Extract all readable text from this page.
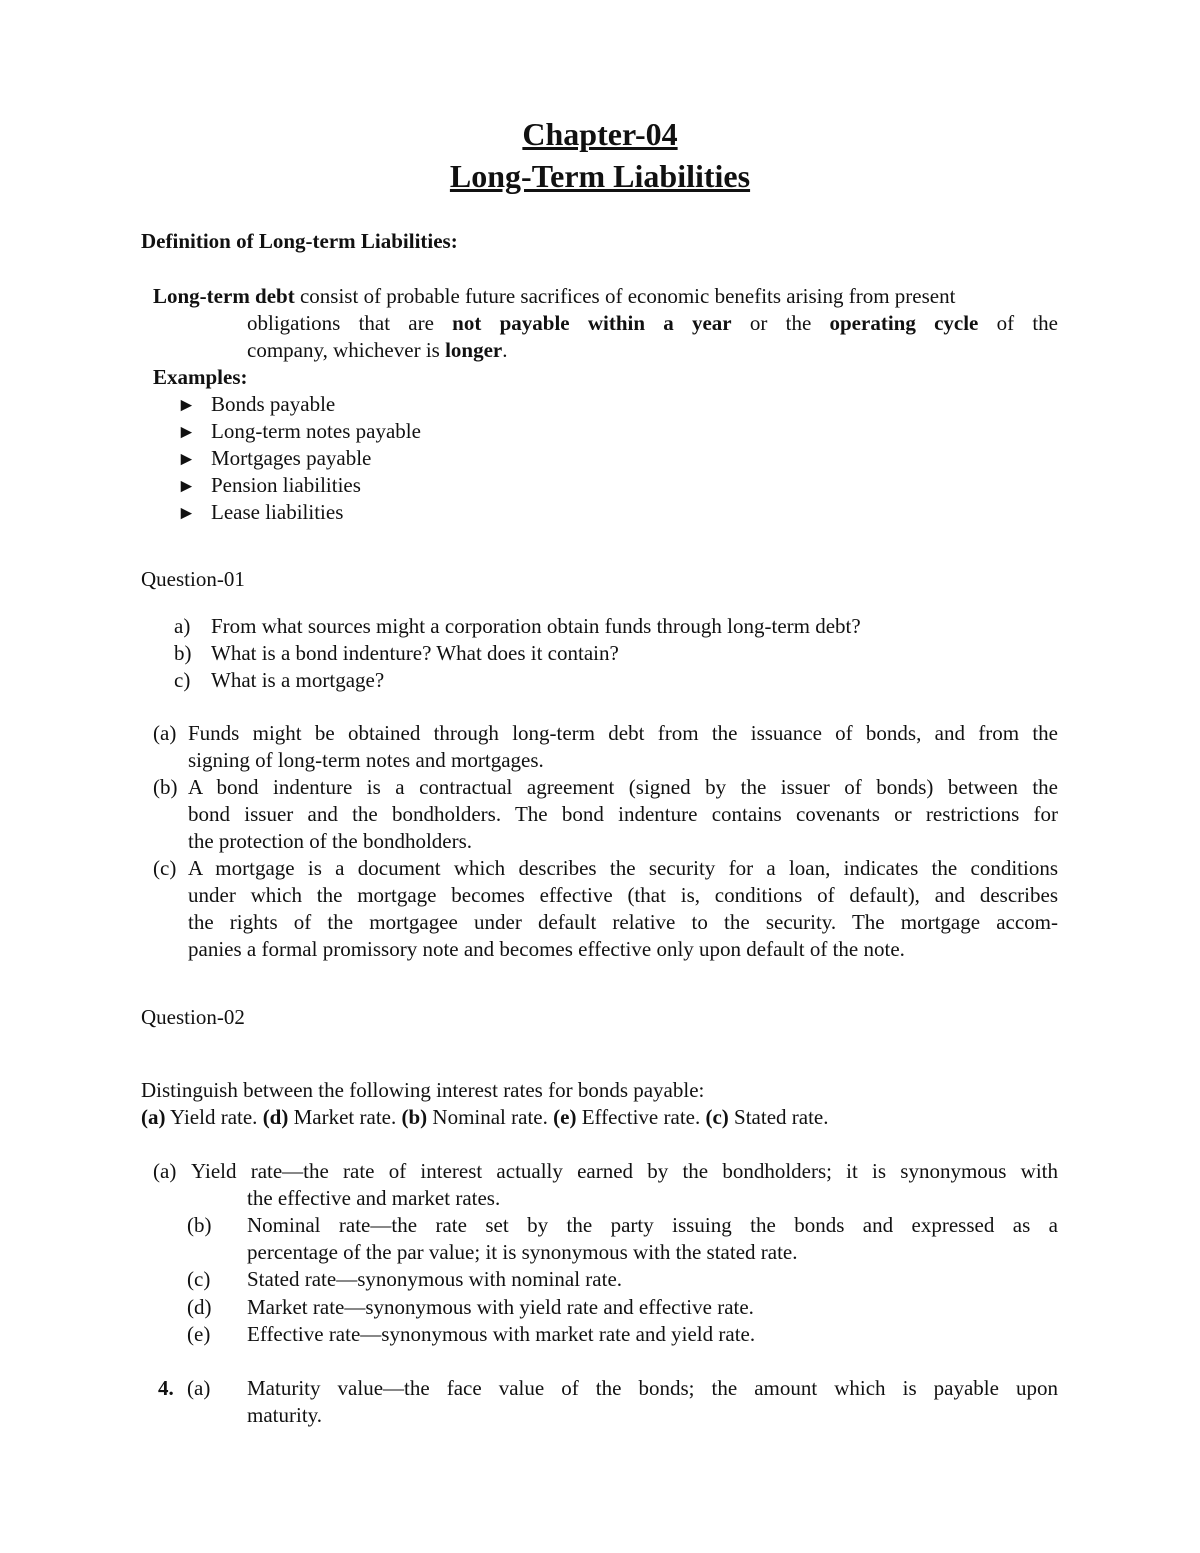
Chapter-04
Long-Term Liabilities
Definition of Long-term Liabilities:
Long-term debt consist of probable future sacrifices of economic benefits arising from present
obligations that are not payable within a year or the operating cycle of the
company, whichever is longer.
Examples:
► Bonds payable
► Long-term notes payable
► Mortgages payable
► Pension liabilities
► Lease liabilities
Question-01
a) From what sources might a corporation obtain funds through long-term debt?
b) What is a bond indenture? What does it contain?
c) What is a mortgage?
(a) Funds might be obtained through long-term debt from the issuance of bonds, and from the
signing of long-term notes and mortgages.
(b) A bond indenture is a contractual agreement (signed by the issuer of bonds) between the
bond issuer and the bondholders. The bond indenture contains covenants or restrictions for
the protection of the bondholders.
(c) A mortgage is a document which describes the security for a loan, indicates the conditions
under which the mortgage becomes effective (that is, conditions of default), and describes
the rights of the mortgagee under default relative to the security. The mortgage accom-
panies a formal promissory note and becomes effective only upon default of the note.
Question-02
Distinguish between the following interest rates for bonds payable:
(a) Yield rate. (d) Market rate. (b) Nominal rate. (e) Effective rate. (c) Stated rate.
(a) Yield rate—the rate of interest actually earned by the bondholders; it is synonymous with
the effective and market rates.
(b) Nominal rate—the rate set by the party issuing the bonds and expressed as a
percentage of the par value; it is synonymous with the stated rate.
(c) Stated rate—synonymous with nominal rate.
(d) Market rate—synonymous with yield rate and effective rate.
(e) Effective rate—synonymous with market rate and yield rate.
4. (a) Maturity value—the face value of the bonds; the amount which is payable upon
maturity.
